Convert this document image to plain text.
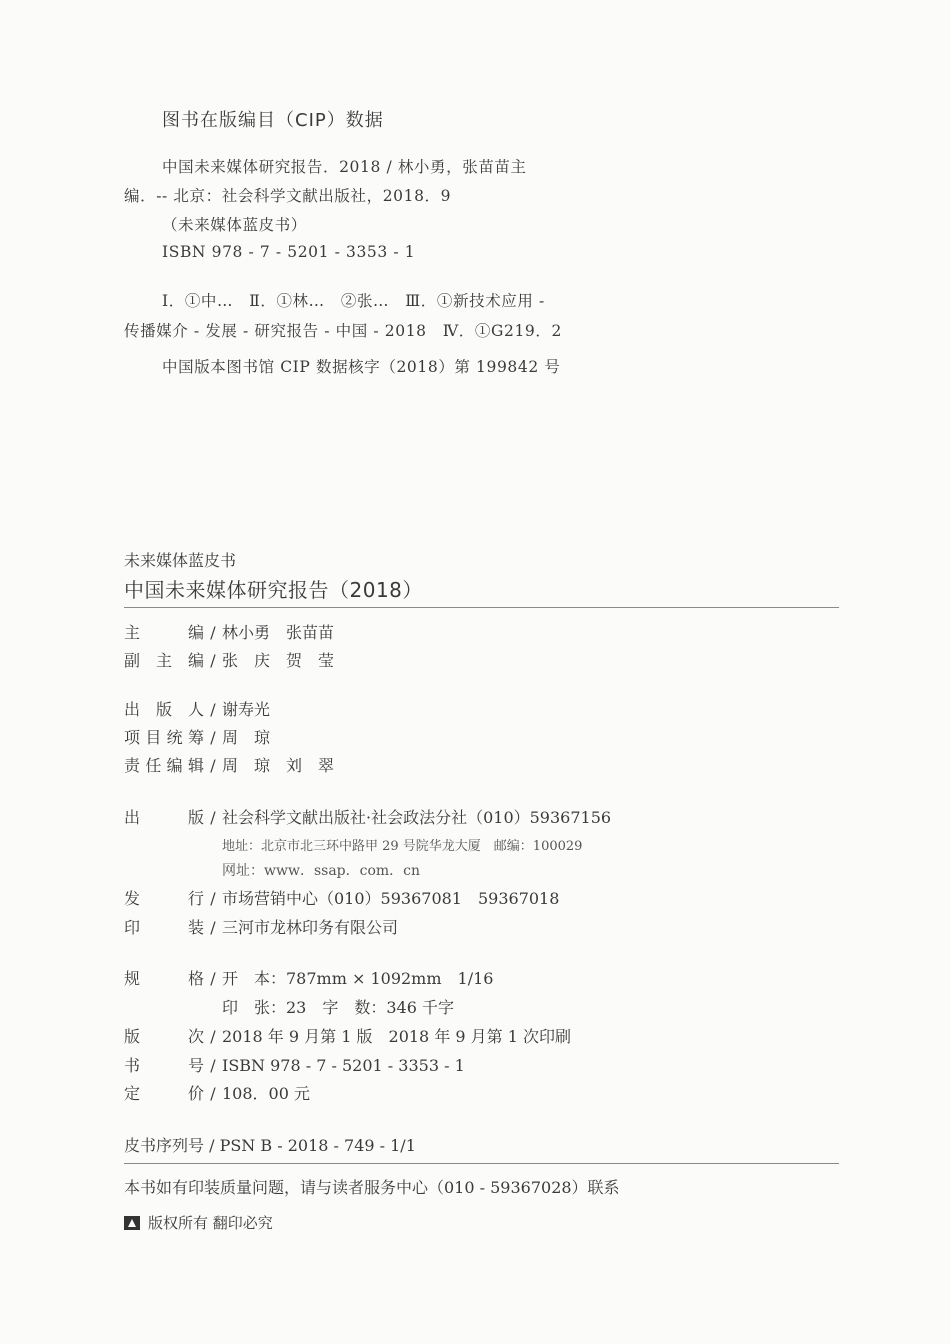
图书在版编目（CIP）数据
中国未来媒体研究报告．2018 / 林小勇，张苗苗主
编．-- 北京：社会科学文献出版社，2018．9
（未来媒体蓝皮书）
ISBN 978 - 7 - 5201 - 3353 - 1
Ⅰ．①中…　Ⅱ．①林…　②张…　Ⅲ．①新技术应用 -
传播媒介 - 发展 - 研究报告 - 中国 - 2018　Ⅳ．①G219．2
中国版本图书馆 CIP 数据核字（2018）第 199842 号
未来媒体蓝皮书
中国未来媒体研究报告（2018）
主　编 / 林小勇　张苗苗
副主编 / 张　庆　贺　莹
出版人 / 谢寿光
项目统筹 / 周　琼
责任编辑 / 周　琼　刘　翠
出　版 / 社会科学文献出版社·社会政法分社（010）59367156
地址：北京市北三环中路甲 29 号院华龙大厦　邮编：100029
网址：www．ssap．com．cn
发　行 / 市场营销中心（010）59367081　59367018
印　装 / 三河市龙林印务有限公司
规　格 / 开　本：787mm × 1092mm　1/16
印　张：23　字　数：346 千字
版　次 / 2018 年 9 月第 1 版　2018 年 9 月第 1 次印刷
书　号 / ISBN 978 - 7 - 5201 - 3353 - 1
定　价 / 108．00 元
皮书序列号 / PSN B - 2018 - 749 - 1/1
本书如有印装质量问题，请与读者服务中心（010 - 59367028）联系
版权所有 翻印必究
